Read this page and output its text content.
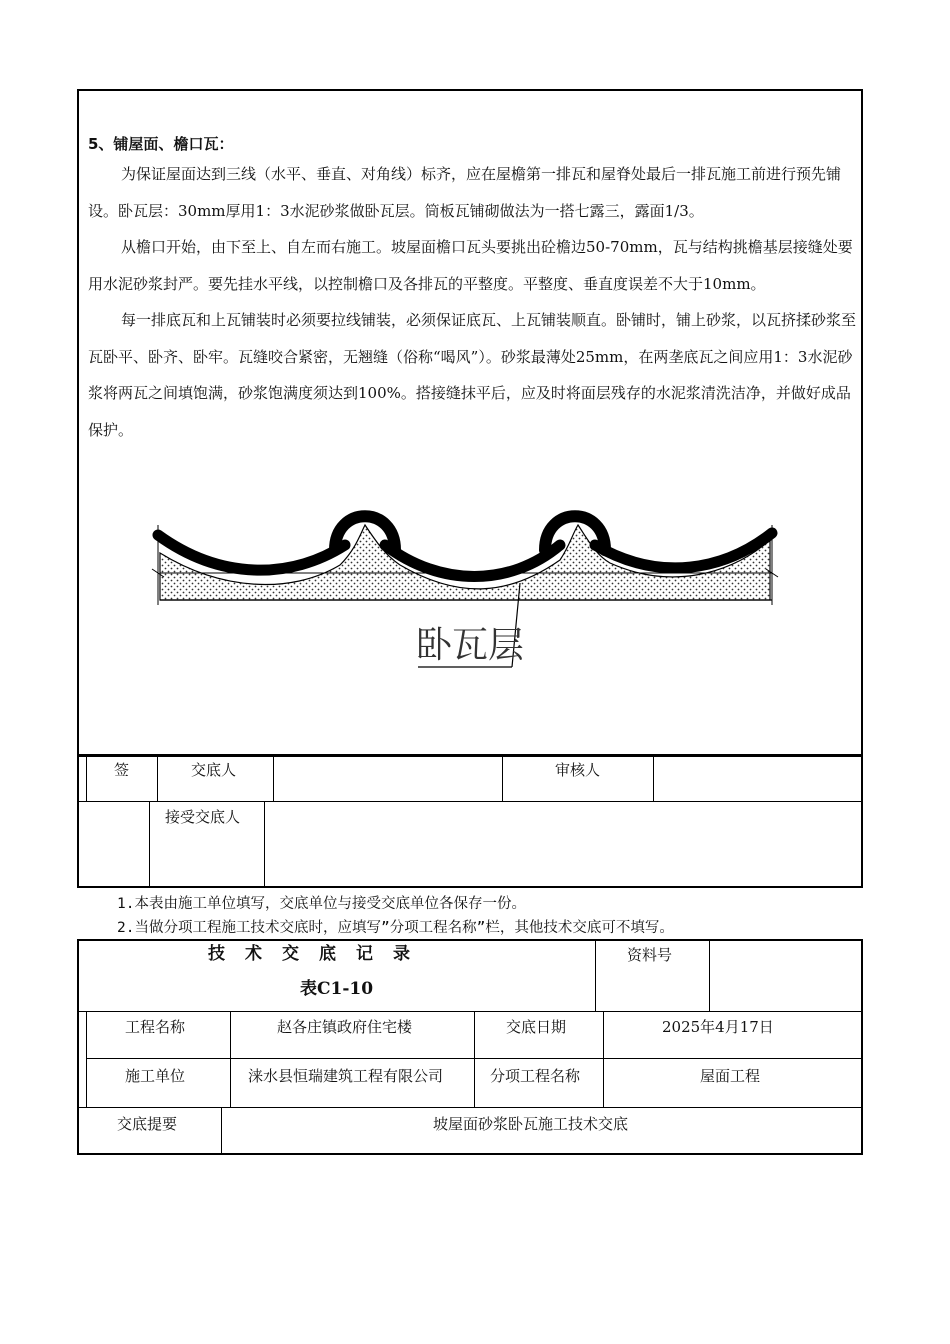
5、铺屋面、檐口瓦：

为保证屋面达到三线（水平、垂直、对角线）标齐，应在屋檐第一排瓦和屋脊处最后一排瓦施工前进行预先铺设。卧瓦层：30mm厚用1：3水泥砂浆做卧瓦层。筒板瓦铺砌做法为一搭七露三，露面1/3。

从檐口开始，由下至上、自左而右施工。坡屋面檐口瓦头要挑出砼檐边50-70mm，瓦与结构挑檐基层接缝处要用水泥砂浆封严。要先挂水平线，以控制檐口及各排瓦的平整度。平整度、垂直度误差不大于10mm。

每一排底瓦和上瓦铺装时必须要拉线铺装，必须保证底瓦、上瓦铺装顺直。卧铺时，铺上砂浆，以瓦挤揉砂浆至瓦卧平、卧齐、卧牢。瓦缝咬合紧密，无翘缝（俗称“喝风”）。砂浆最薄处25mm，在两垄底瓦之间应用1：3水泥砂浆将两瓦之间填饱满，砂浆饱满度须达到100%。搭接缝抹平后，应及时将面层残存的水泥浆清洗洁净，并做好成品保护。

卧瓦层
签	交底人	审核人
接受交底人
1.本表由施工单位填写，交底单位与接受交底单位各保存一份。
2.当做分项工程施工技术交底时，应填写”分项工程名称”栏，其他技术交底可不填写。
技术交底记录
表C1-10
资料号
工程名称	赵各庄镇政府住宅楼	交底日期	2025年4月17日
施工单位	涞水县恒瑞建筑工程有限公司	分项工程名称	屋面工程
交底提要	坡屋面砂浆卧瓦施工技术交底
